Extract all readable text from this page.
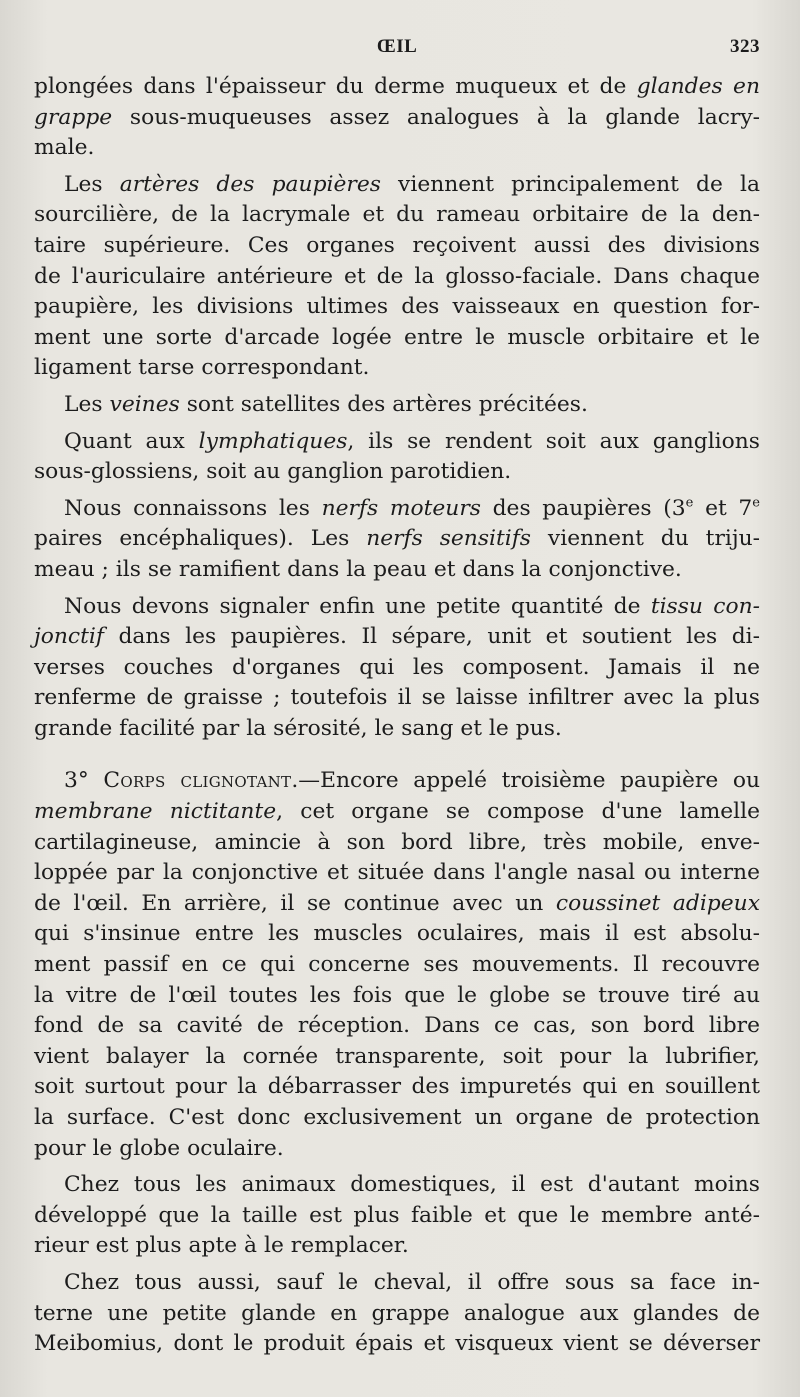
ŒIL	323
plongées dans l'épaisseur du derme muqueux et de glandes en
grappe sous-muqueuses assez analogues à la glande lacry-
male.
Les artères des paupières viennent principalement de la
sourcilière, de la lacrymale et du rameau orbitaire de la den-
taire supérieure. Ces organes reçoivent aussi des divisions
de l'auriculaire antérieure et de la glosso-faciale. Dans chaque
paupière, les divisions ultimes des vaisseaux en question for-
ment une sorte d'arcade logée entre le muscle orbitaire et le
ligament tarse correspondant.
Les veines sont satellites des artères précitées.
Quant aux lymphatiques, ils se rendent soit aux ganglions
sous-glossiens, soit au ganglion parotidien.
Nous connaissons les nerfs moteurs des paupières (3e et 7e
paires encéphaliques). Les nerfs sensitifs viennent du triju-
meau ; ils se ramifient dans la peau et dans la conjonctive.
Nous devons signaler enfin une petite quantité de tissu con-
jonctif dans les paupières. Il sépare, unit et soutient les di-
verses couches d'organes qui les composent. Jamais il ne
renferme de graisse ; toutefois il se laisse infiltrer avec la plus
grande facilité par la sérosité, le sang et le pus.
3° Corps clignotant.—Encore appelé troisième paupière ou
membrane nictitante, cet organe se compose d'une lamelle
cartilagineuse, amincie à son bord libre, très mobile, enve-
loppée par la conjonctive et située dans l'angle nasal ou interne
de l'œil. En arrière, il se continue avec un coussinet adipeux
qui s'insinue entre les muscles oculaires, mais il est absolu-
ment passif en ce qui concerne ses mouvements. Il recouvre
la vitre de l'œil toutes les fois que le globe se trouve tiré au
fond de sa cavité de réception. Dans ce cas, son bord libre
vient balayer la cornée transparente, soit pour la lubrifier,
soit surtout pour la débarrasser des impuretés qui en souillent
la surface. C'est donc exclusivement un organe de protection
pour le globe oculaire.
Chez tous les animaux domestiques, il est d'autant moins
développé que la taille est plus faible et que le membre anté-
rieur est plus apte à le remplacer.
Chez tous aussi, sauf le cheval, il offre sous sa face in-
terne une petite glande en grappe analogue aux glandes de
Meibomius, dont le produit épais et visqueux vient se déverser
